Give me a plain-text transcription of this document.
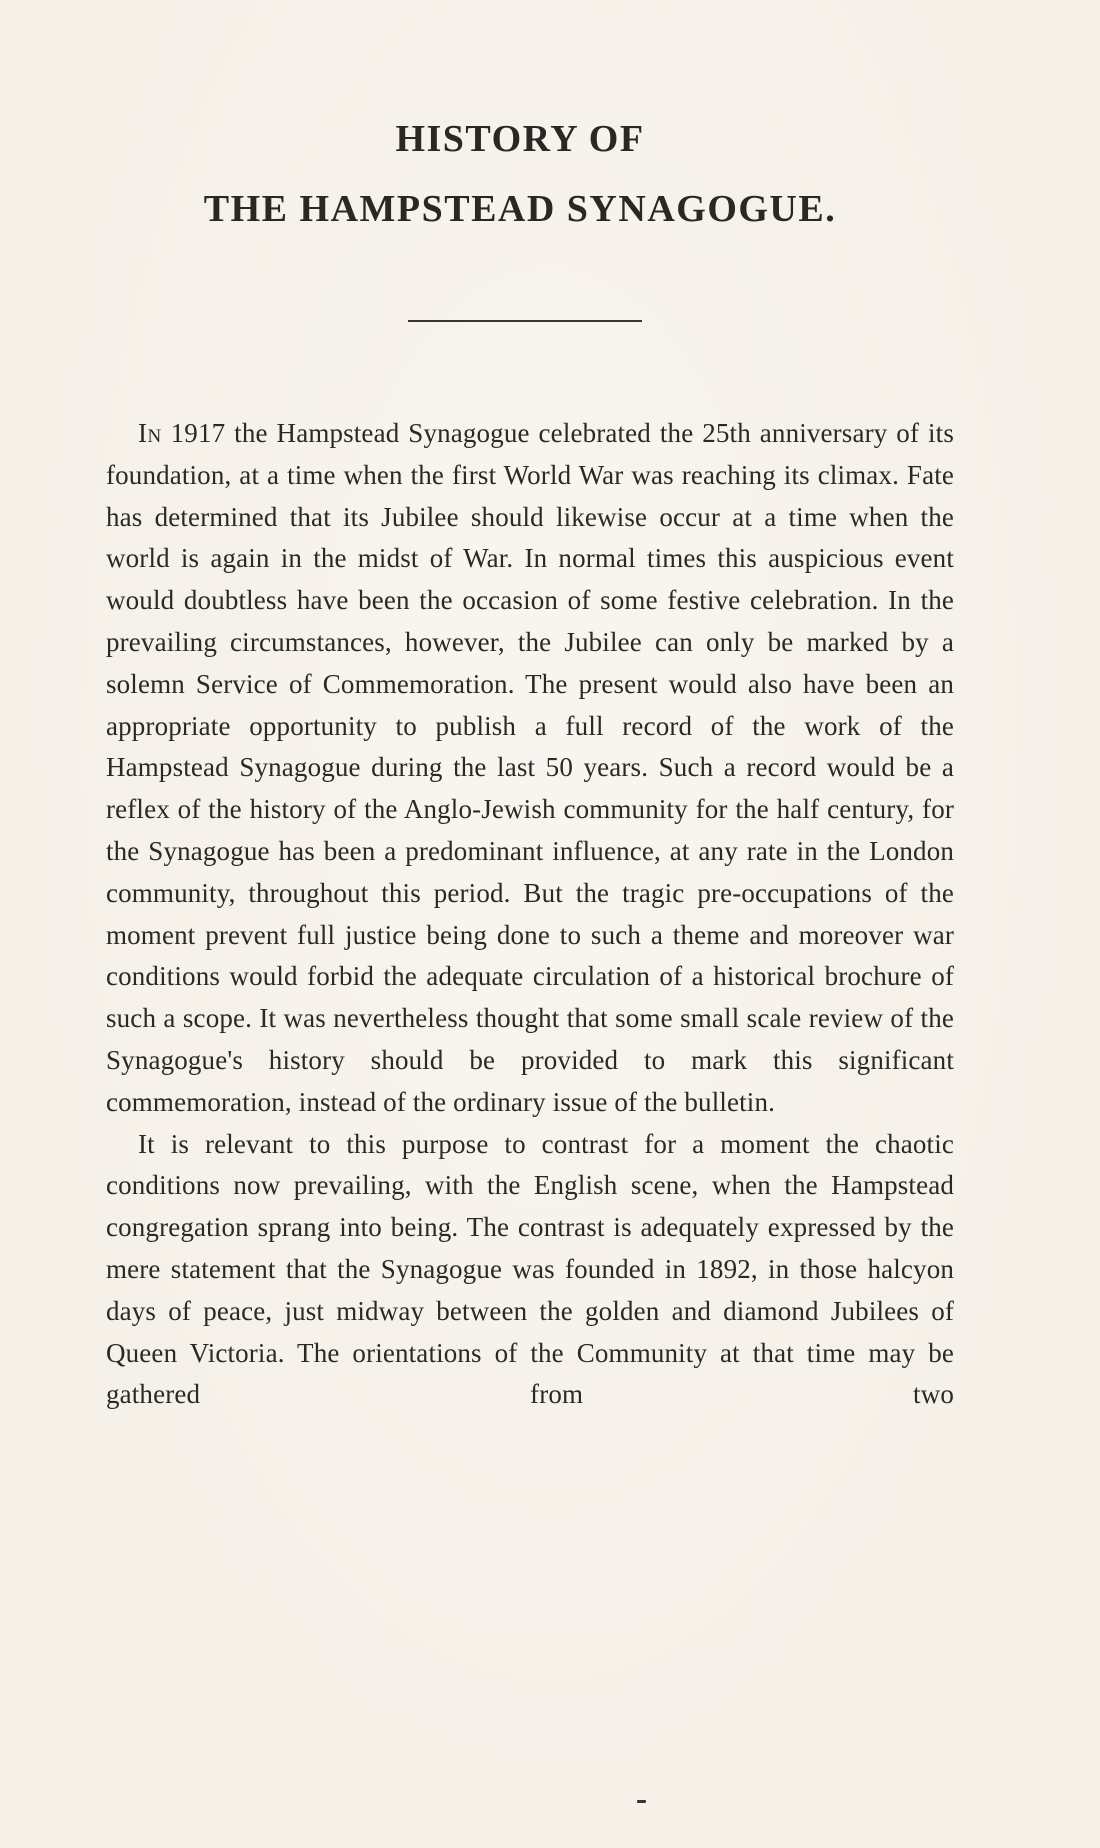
HISTORY OF
THE HAMPSTEAD SYNAGOGUE.

In 1917 the Hampstead Synagogue celebrated the 25th anniversary of its foundation, at a time when the first World War was reaching its climax. Fate has determined that its Jubilee should likewise occur at a time when the world is again in the midst of War. In normal times this auspicious event would doubtless have been the occasion of some festive celebration. In the prevailing circumstances, however, the Jubilee can only be marked by a solemn Service of Commemoration. The present would also have been an appropriate opportunity to publish a full record of the work of the Hampstead Synagogue during the last 50 years. Such a record would be a reflex of the history of the Anglo-Jewish community for the half century, for the Synagogue has been a predominant influence, at any rate in the London community, throughout this period. But the tragic pre-occupations of the moment prevent full justice being done to such a theme and moreover war conditions would forbid the adequate circulation of a historical brochure of such a scope. It was nevertheless thought that some small scale review of the Synagogue's history should be provided to mark this significant commemoration, instead of the ordinary issue of the bulletin.

It is relevant to this purpose to contrast for a moment the chaotic conditions now prevailing, with the English scene, when the Hampstead congregation sprang into being. The contrast is adequately expressed by the mere statement that the Synagogue was founded in 1892, in those halcyon days of peace, just midway between the golden and diamond Jubilees of Queen Victoria. The orientations of the Community at that time may be gathered from two
